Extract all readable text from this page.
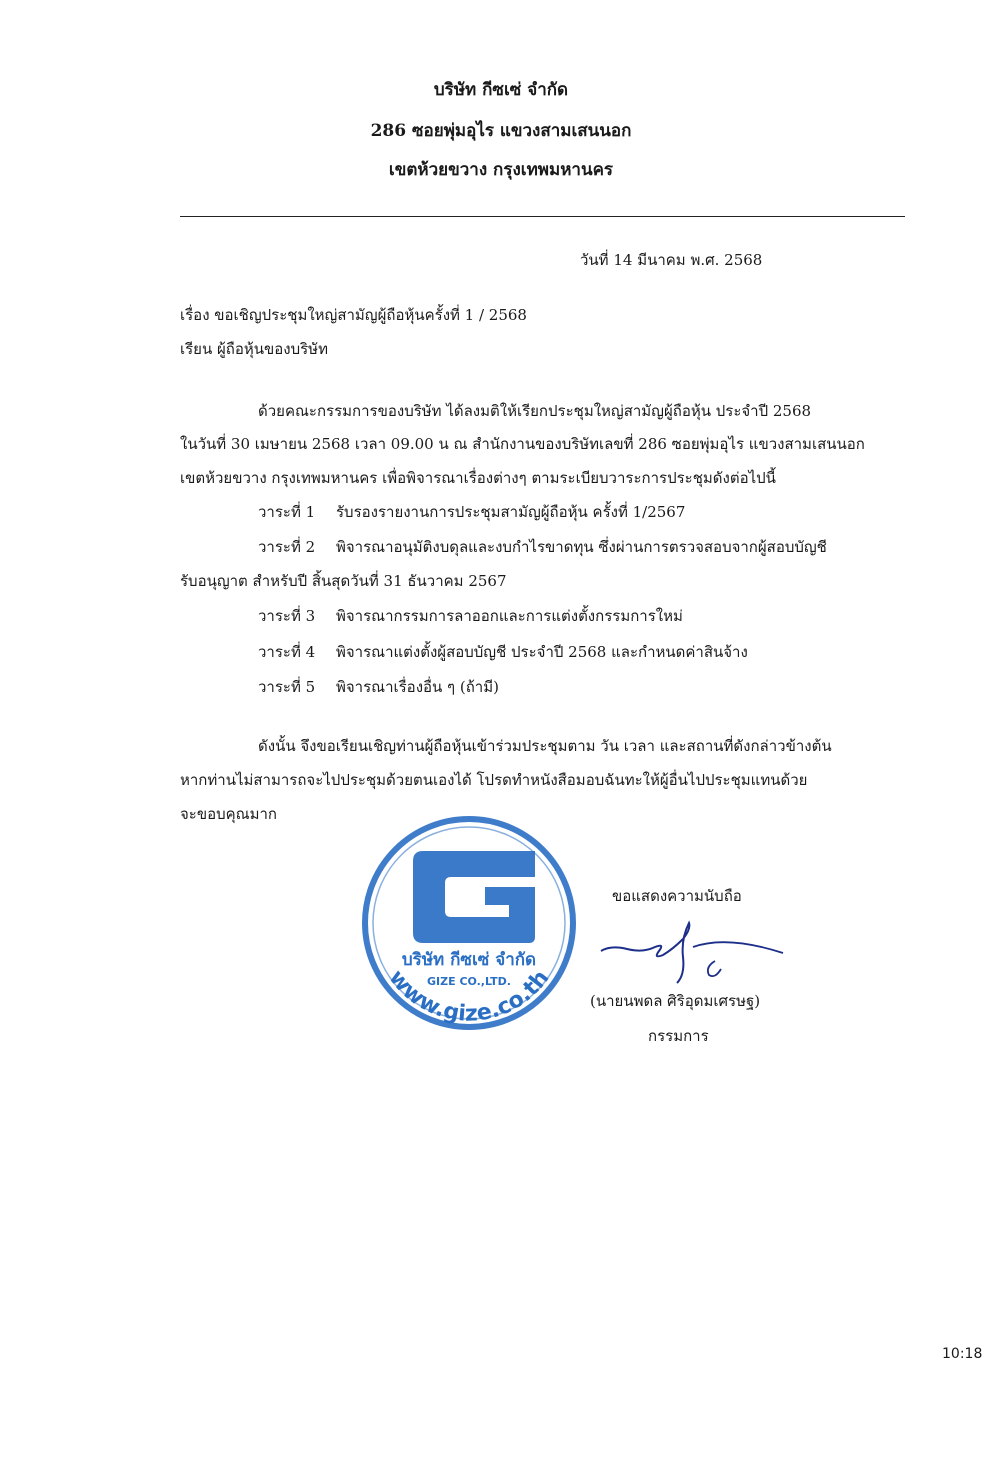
บริษัท กีซเซ่ จำกัด
286 ซอยพุ่มอุไร แขวงสามเสนนอก
เขตห้วยขวาง กรุงเทพมหานคร
วันที่ 14 มีนาคม พ.ศ. 2568
เรื่อง ขอเชิญประชุมใหญ่สามัญผู้ถือหุ้นครั้งที่ 1 / 2568
เรียน ผู้ถือหุ้นของบริษัท
ด้วยคณะกรรมการของบริษัท ได้ลงมติให้เรียกประชุมใหญ่สามัญผู้ถือหุ้น ประจำปี 2568
ในวันที่ 30 เมษายน 2568 เวลา 09.00 น ณ สำนักงานของบริษัทเลขที่ 286 ซอยพุ่มอุไร แขวงสามเสนนอก
เขตห้วยขวาง กรุงเทพมหานคร เพื่อพิจารณาเรื่องต่างๆ ตามระเบียบวาระการประชุมดังต่อไปนี้
วาระที่ 1 รับรองรายงานการประชุมสามัญผู้ถือหุ้น ครั้งที่ 1/2567
วาระที่ 2 พิจารณาอนุมัติงบดุลและงบกำไรขาดทุน ซึ่งผ่านการตรวจสอบจากผู้สอบบัญชี
รับอนุญาต สำหรับปี สิ้นสุดวันที่ 31 ธันวาคม 2567
วาระที่ 3 พิจารณากรรมการลาออกและการแต่งตั้งกรรมการใหม่
วาระที่ 4 พิจารณาแต่งตั้งผู้สอบบัญชี ประจำปี 2568 และกำหนดค่าสินจ้าง
วาระที่ 5 พิจารณาเรื่องอื่น ๆ (ถ้ามี)
ดังนั้น จึงขอเรียนเชิญท่านผู้ถือหุ้นเข้าร่วมประชุมตาม วัน เวลา และสถานที่ดังกล่าวข้างต้น
หากท่านไม่สามารถจะไปประชุมด้วยตนเองได้ โปรดทำหนังสือมอบฉันทะให้ผู้อื่นไปประชุมแทนด้วย
จะขอบคุณมาก
บริษัท กีซเซ่ จำกัด
GIZE CO.,LTD.
www.gize.co.th
ขอแสดงความนับถือ
(นายนพดล ศิริอุดมเศรษฐ)
กรรมการ
10:18
